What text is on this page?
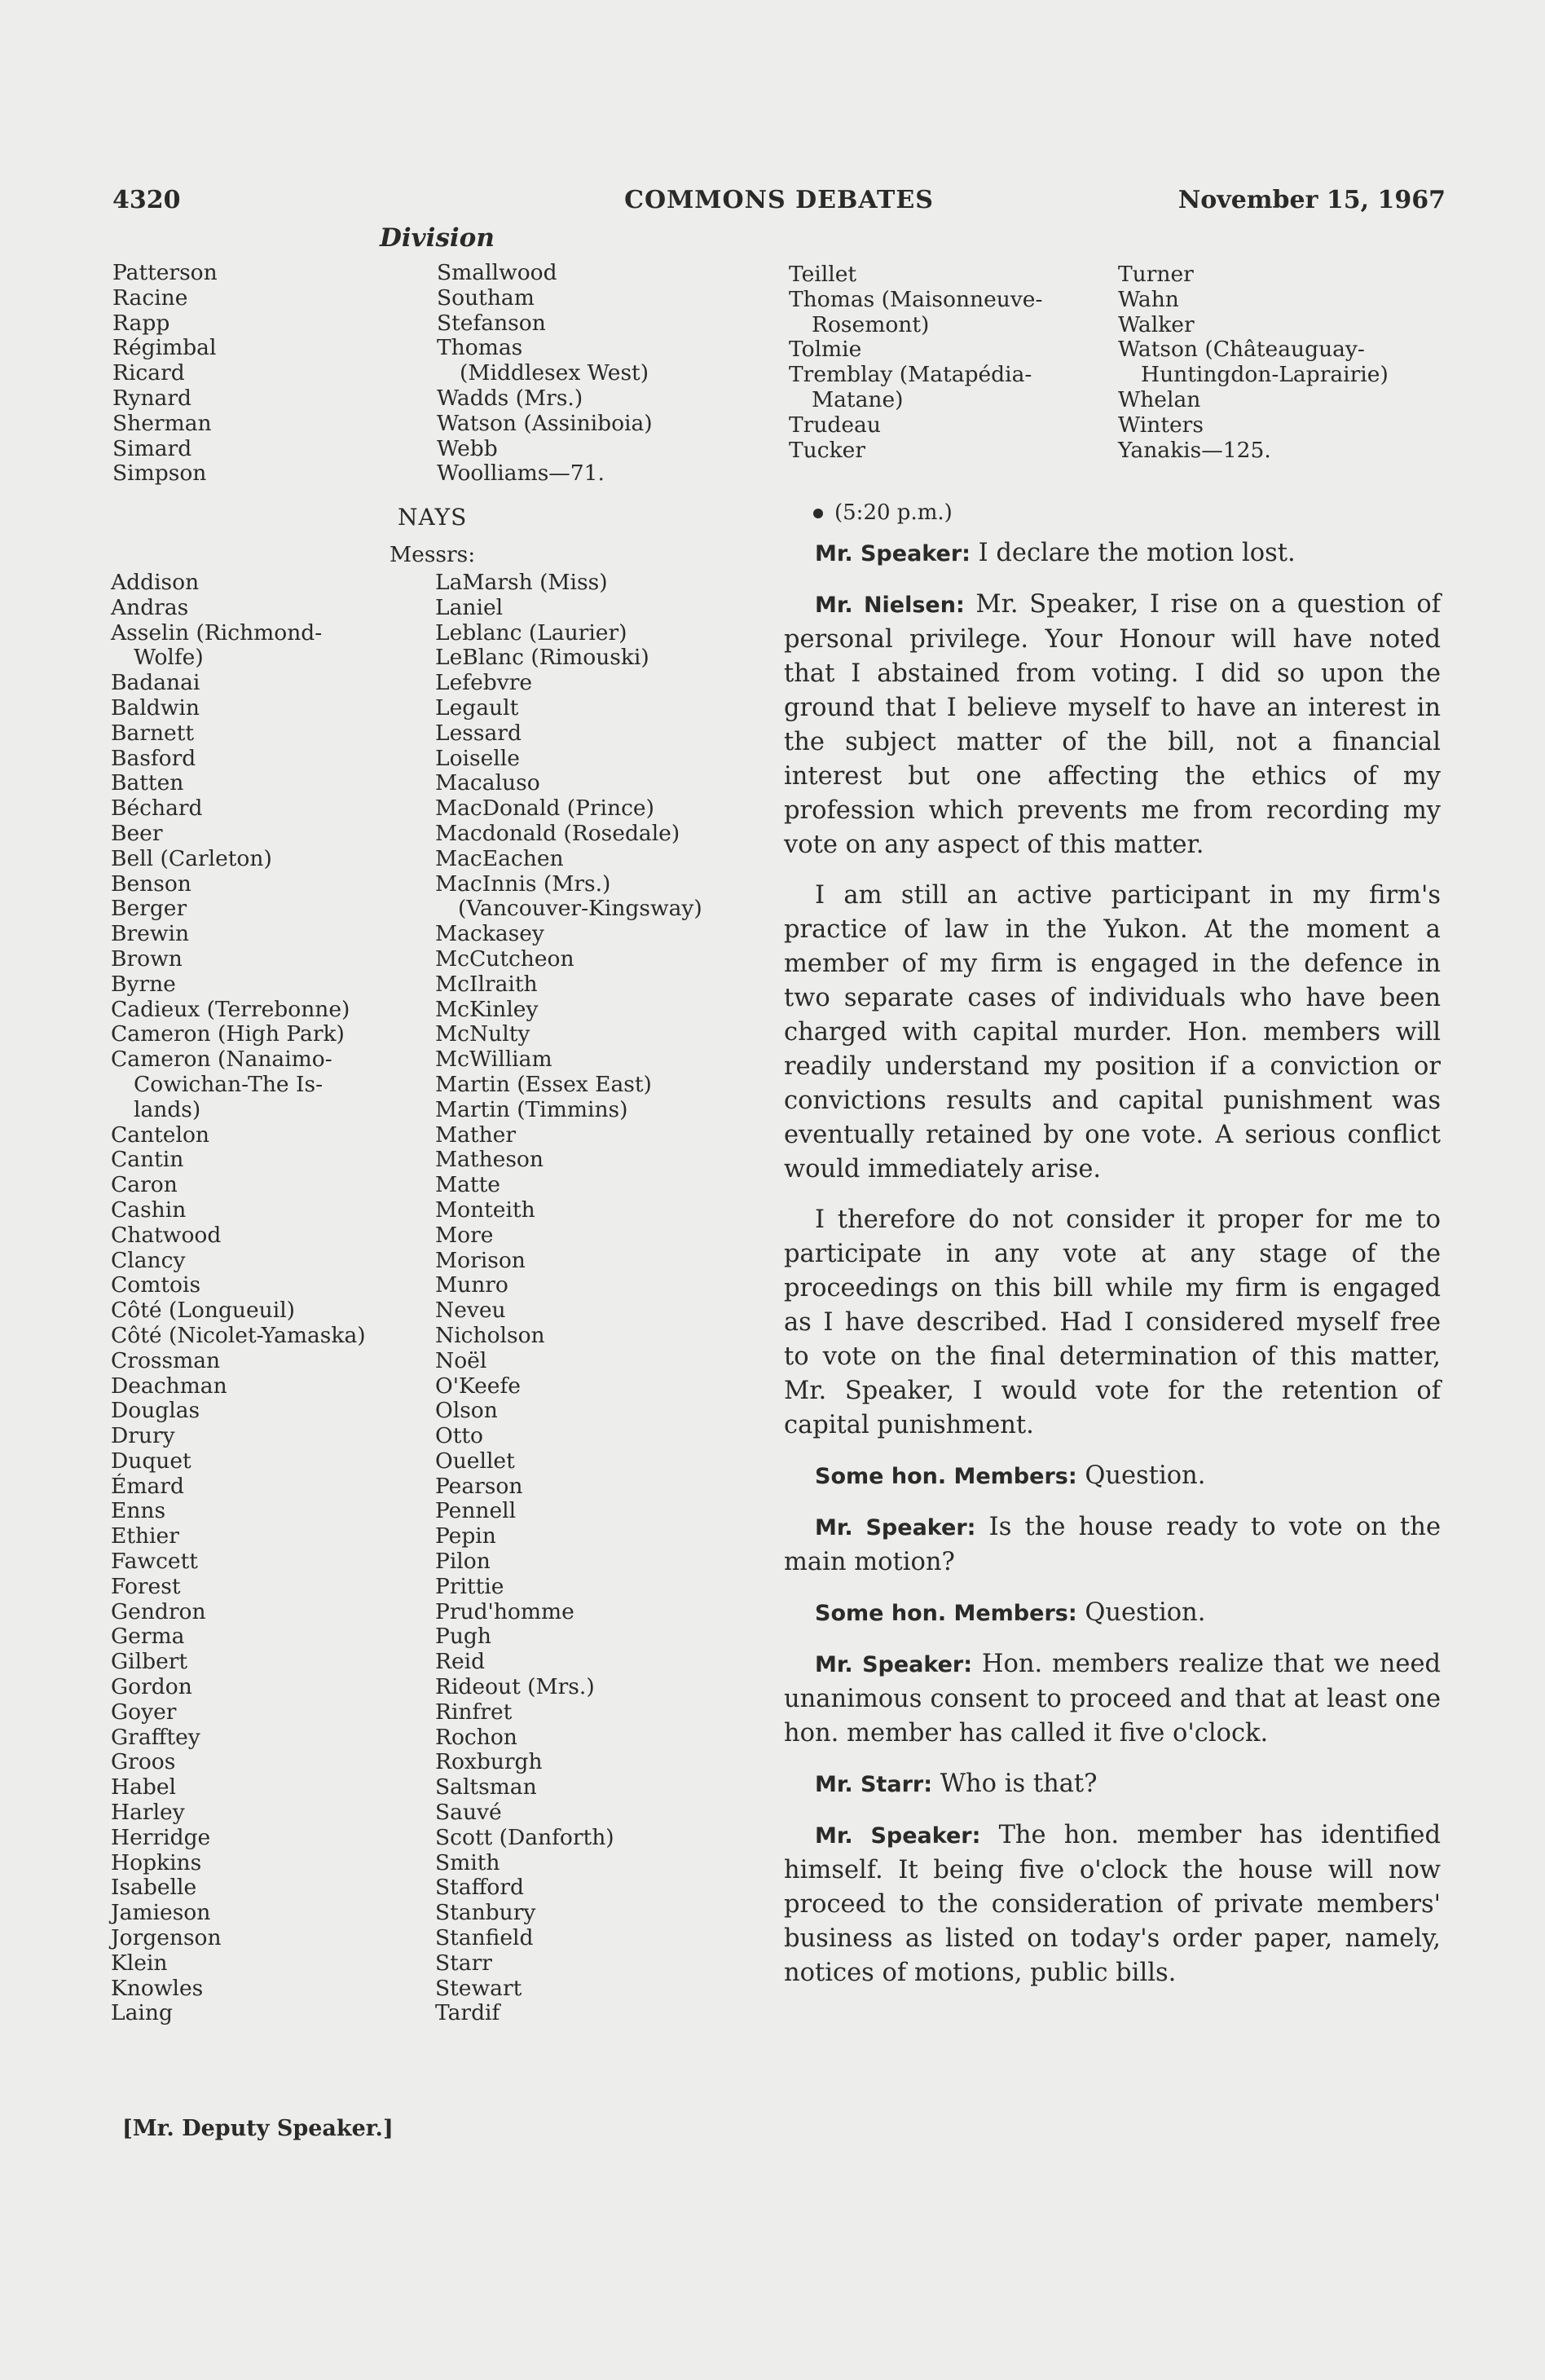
4320	COMMONS DEBATES	November 15, 1967
Division
Patterson
Racine
Rapp
Régimbal
Ricard
Rynard
Sherman
Simard
Simpson
Smallwood
Southam
Stefanson
Thomas
(Middlesex West)
Wadds (Mrs.)
Watson (Assiniboia)
Webb
Woolliams—71.
NAYS
Messrs:
Addison
Andras
Asselin (Richmond-
Wolfe)
Badanai
Baldwin
Barnett
Basford
Batten
Béchard
Beer
Bell (Carleton)
Benson
Berger
Brewin
Brown
Byrne
Cadieux (Terrebonne)
Cameron (High Park)
Cameron (Nanaimo-
Cowichan-The Is-
lands)
Cantelon
Cantin
Caron
Cashin
Chatwood
Clancy
Comtois
Côté (Longueuil)
Côté (Nicolet-Yamaska)
Crossman
Deachman
Douglas
Drury
Duquet
Émard
Enns
Ethier
Fawcett
Forest
Gendron
Germa
Gilbert
Gordon
Goyer
Grafftey
Groos
Habel
Harley
Herridge
Hopkins
Isabelle
Jamieson
Jorgenson
Klein
Knowles
Laing
LaMarsh (Miss)
Laniel
Leblanc (Laurier)
LeBlanc (Rimouski)
Lefebvre
Legault
Lessard
Loiselle
Macaluso
MacDonald (Prince)
Macdonald (Rosedale)
MacEachen
MacInnis (Mrs.)
(Vancouver-Kingsway)
Mackasey
McCutcheon
McIlraith
McKinley
McNulty
McWilliam
Martin (Essex East)
Martin (Timmins)
Mather
Matheson
Matte
Monteith
More
Morison
Munro
Neveu
Nicholson
Noël
O'Keefe
Olson
Otto
Ouellet
Pearson
Pennell
Pepin
Pilon
Prittie
Prud'homme
Pugh
Reid
Rideout (Mrs.)
Rinfret
Rochon
Roxburgh
Saltsman
Sauvé
Scott (Danforth)
Smith
Stafford
Stanbury
Stanfield
Starr
Stewart
Tardif
[Mr. Deputy Speaker.]
Teillet
Thomas (Maisonneuve-
Rosemont)
Tolmie
Tremblay (Matapédia-
Matane)
Trudeau
Tucker
Turner
Wahn
Walker
Watson (Châteauguay-
Huntingdon-Laprairie)
Whelan
Winters
Yanakis—125.
(5:20 p.m.)

Mr. Speaker: I declare the motion lost.

Mr. Nielsen: Mr. Speaker, I rise on a question of personal privilege. Your Honour will have noted that I abstained from voting. I did so upon the ground that I believe myself to have an interest in the subject matter of the bill, not a financial interest but one affecting the ethics of my profession which prevents me from recording my vote on any aspect of this matter.

I am still an active participant in my firm's practice of law in the Yukon. At the moment a member of my firm is engaged in the defence in two separate cases of individuals who have been charged with capital murder. Hon. members will readily understand my position if a conviction or convictions results and capital punishment was eventually retained by one vote. A serious conflict would immediately arise.

I therefore do not consider it proper for me to participate in any vote at any stage of the proceedings on this bill while my firm is engaged as I have described. Had I considered myself free to vote on the final determination of this matter, Mr. Speaker, I would vote for the retention of capital punishment.

Some hon. Members: Question.

Mr. Speaker: Is the house ready to vote on the main motion?

Some hon. Members: Question.

Mr. Speaker: Hon. members realize that we need unanimous consent to proceed and that at least one hon. member has called it five o'clock.

Mr. Starr: Who is that?

Mr. Speaker: The hon. member has identified himself. It being five o'clock the house will now proceed to the consideration of private members' business as listed on today's order paper, namely, notices of motions, public bills.
